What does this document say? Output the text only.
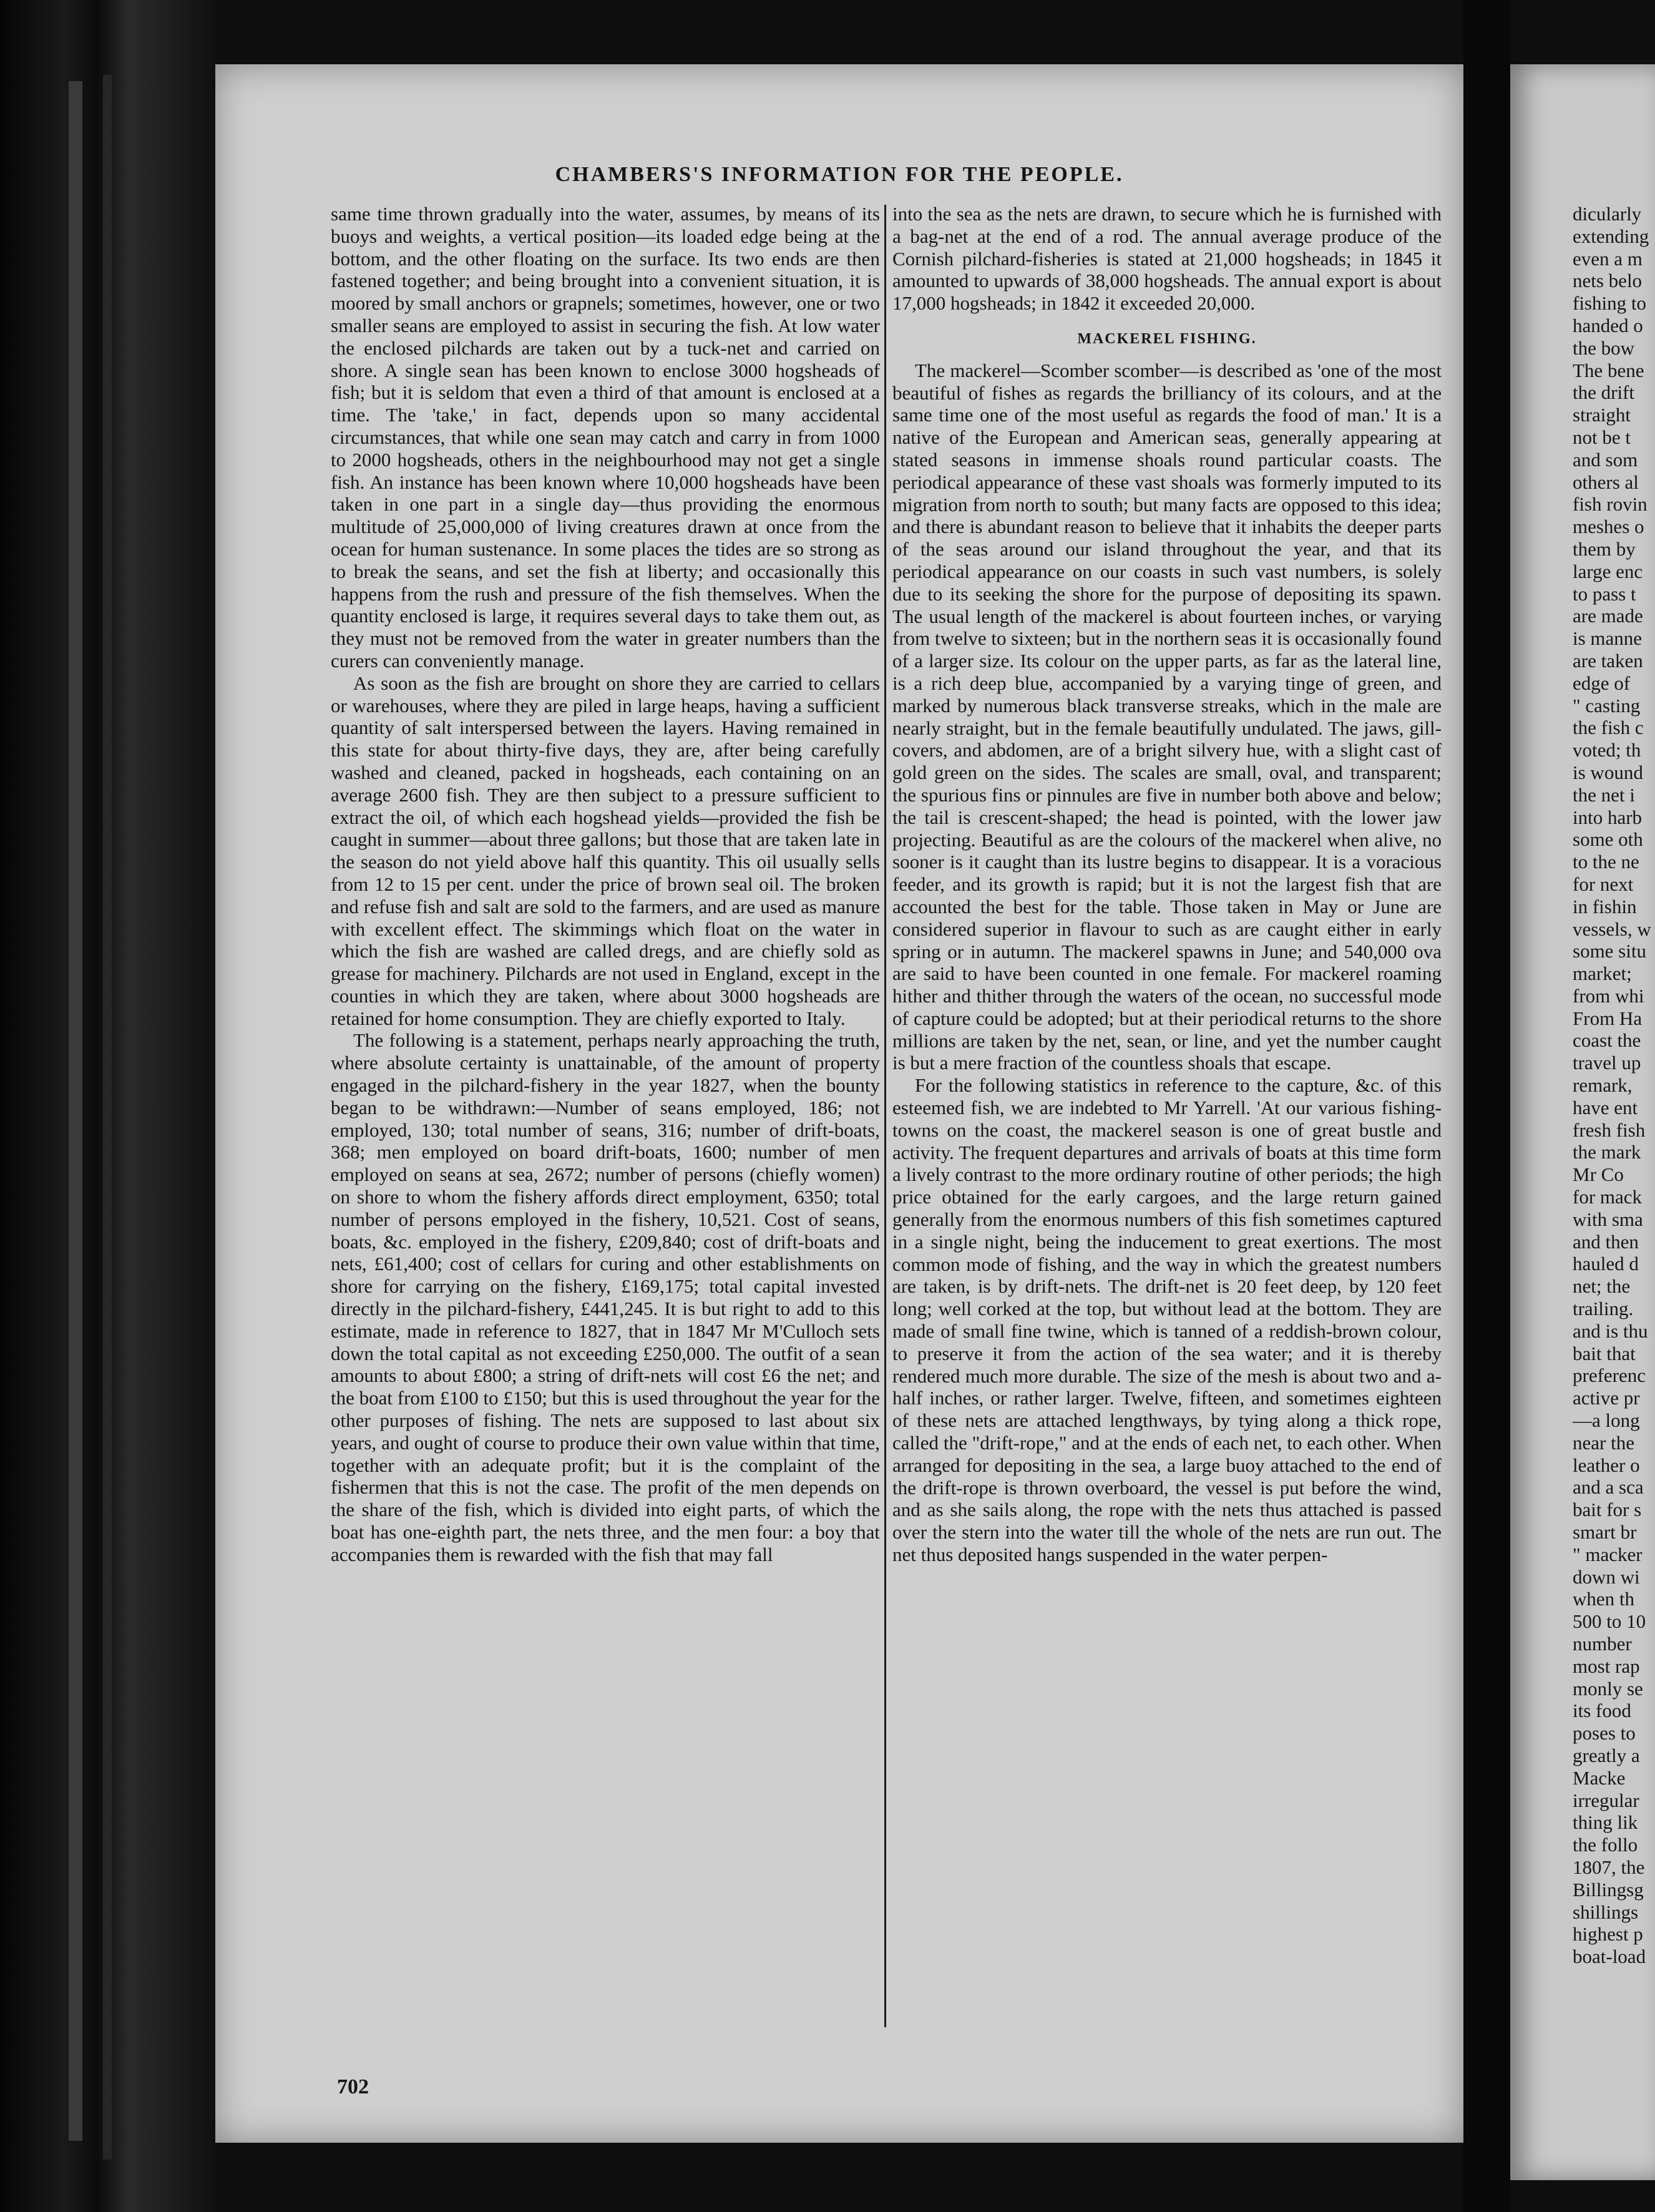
CHAMBERS'S INFORMATION FOR THE PEOPLE.

same time thrown gradually into the water, assumes, by means of its buoys and weights, a vertical position—its loaded edge being at the bottom, and the other floating on the surface. Its two ends are then fastened together; and being brought into a convenient situation, it is moored by small anchors or grapnels; sometimes, however, one or two smaller seans are employed to assist in securing the fish. At low water the enclosed pilchards are taken out by a tuck-net and carried on shore. A single sean has been known to enclose 3000 hogsheads of fish; but it is seldom that even a third of that amount is enclosed at a time. The 'take,' in fact, depends upon so many accidental circumstances, that while one sean may catch and carry in from 1000 to 2000 hogsheads, others in the neighbourhood may not get a single fish. An instance has been known where 10,000 hogsheads have been taken in one part in a single day—thus providing the enormous multitude of 25,000,000 of living creatures drawn at once from the ocean for human sustenance. In some places the tides are so strong as to break the seans, and set the fish at liberty; and occasionally this happens from the rush and pressure of the fish themselves. When the quantity enclosed is large, it requires several days to take them out, as they must not be removed from the water in greater numbers than the curers can conveniently manage.

As soon as the fish are brought on shore they are carried to cellars or warehouses, where they are piled in large heaps, having a sufficient quantity of salt interspersed between the layers. Having remained in this state for about thirty-five days, they are, after being carefully washed and cleaned, packed in hogsheads, each containing on an average 2600 fish. They are then subject to a pressure sufficient to extract the oil, of which each hogshead yields—provided the fish be caught in summer—about three gallons; but those that are taken late in the season do not yield above half this quantity. This oil usually sells from 12 to 15 per cent. under the price of brown seal oil. The broken and refuse fish and salt are sold to the farmers, and are used as manure with excellent effect. The skimmings which float on the water in which the fish are washed are called dregs, and are chiefly sold as grease for machinery. Pilchards are not used in England, except in the counties in which they are taken, where about 3000 hogsheads are retained for home consumption. They are chiefly exported to Italy.

The following is a statement, perhaps nearly approaching the truth, where absolute certainty is unattainable, of the amount of property engaged in the pilchard-fishery in the year 1827, when the bounty began to be withdrawn:—Number of seans employed, 186; not employed, 130; total number of seans, 316; number of drift-boats, 368; men employed on board drift-boats, 1600; number of men employed on seans at sea, 2672; number of persons (chiefly women) on shore to whom the fishery affords direct employment, 6350; total number of persons employed in the fishery, 10,521. Cost of seans, boats, &c. employed in the fishery, £209,840; cost of drift-boats and nets, £61,400; cost of cellars for curing and other establishments on shore for carrying on the fishery, £169,175; total capital invested directly in the pilchard-fishery, £441,245. It is but right to add to this estimate, made in reference to 1827, that in 1847 Mr M'Culloch sets down the total capital as not exceeding £250,000. The outfit of a sean amounts to about £800; a string of drift-nets will cost £6 the net; and the boat from £100 to £150; but this is used throughout the year for the other purposes of fishing. The nets are supposed to last about six years, and ought of course to produce their own value within that time, together with an adequate profit; but it is the complaint of the fishermen that this is not the case. The profit of the men depends on the share of the fish, which is divided into eight parts, of which the boat has one-eighth part, the nets three, and the men four: a boy that accompanies them is rewarded with the fish that may fall

into the sea as the nets are drawn, to secure which he is furnished with a bag-net at the end of a rod. The annual average produce of the Cornish pilchard-fisheries is stated at 21,000 hogsheads; in 1845 it amounted to upwards of 38,000 hogsheads. The annual export is about 17,000 hogsheads; in 1842 it exceeded 20,000.

MACKEREL FISHING.

The mackerel—Scomber scomber—is described as 'one of the most beautiful of fishes as regards the brilliancy of its colours, and at the same time one of the most useful as regards the food of man.' It is a native of the European and American seas, generally appearing at stated seasons in immense shoals round particular coasts. The periodical appearance of these vast shoals was formerly imputed to its migration from north to south; but many facts are opposed to this idea; and there is abundant reason to believe that it inhabits the deeper parts of the seas around our island throughout the year, and that its periodical appearance on our coasts in such vast numbers, is solely due to its seeking the shore for the purpose of depositing its spawn. The usual length of the mackerel is about fourteen inches, or varying from twelve to sixteen; but in the northern seas it is occasionally found of a larger size. Its colour on the upper parts, as far as the lateral line, is a rich deep blue, accompanied by a varying tinge of green, and marked by numerous black transverse streaks, which in the male are nearly straight, but in the female beautifully undulated. The jaws, gill-covers, and abdomen, are of a bright silvery hue, with a slight cast of gold green on the sides. The scales are small, oval, and transparent; the spurious fins or pinnules are five in number both above and below; the tail is crescent-shaped; the head is pointed, with the lower jaw projecting. Beautiful as are the colours of the mackerel when alive, no sooner is it caught than its lustre begins to disappear. It is a voracious feeder, and its growth is rapid; but it is not the largest fish that are accounted the best for the table. Those taken in May or June are considered superior in flavour to such as are caught either in early spring or in autumn. The mackerel spawns in June; and 540,000 ova are said to have been counted in one female. For mackerel roaming hither and thither through the waters of the ocean, no successful mode of capture could be adopted; but at their periodical returns to the shore millions are taken by the net, sean, or line, and yet the number caught is but a mere fraction of the countless shoals that escape.

For the following statistics in reference to the capture, &c. of this esteemed fish, we are indebted to Mr Yarrell. 'At our various fishing-towns on the coast, the mackerel season is one of great bustle and activity. The frequent departures and arrivals of boats at this time form a lively contrast to the more ordinary routine of other periods; the high price obtained for the early cargoes, and the large return gained generally from the enormous numbers of this fish sometimes captured in a single night, being the inducement to great exertions. The most common mode of fishing, and the way in which the greatest numbers are taken, is by drift-nets. The drift-net is 20 feet deep, by 120 feet long; well corked at the top, but without lead at the bottom. They are made of small fine twine, which is tanned of a reddish-brown colour, to preserve it from the action of the sea water; and it is thereby rendered much more durable. The size of the mesh is about two and a-half inches, or rather larger. Twelve, fifteen, and sometimes eighteen of these nets are attached lengthways, by tying along a thick rope, called the "drift-rope," and at the ends of each net, to each other. When arranged for depositing in the sea, a large buoy attached to the end of the drift-rope is thrown overboard, the vessel is put before the wind, and as she sails along, the rope with the nets thus attached is passed over the stern into the water till the whole of the nets are run out. The net thus deposited hangs suspended in the water perpen-

702
dicularly
extending
even a m
nets belo
fishing to
handed o
the bow
The bene
the drift
straight
not be t
and som
others al
fish rovin
meshes o
them by
large enc
to pass t
are made
is manne
are taken
edge of
" casting
the fish c
voted; th
is wound
the net i
into harb
some oth
to the ne
for next
in fishin
vessels, w
some situ
market;
from whi
From Ha
coast the
travel up
remark,
have ent
fresh fish
the mark
Mr Co
for mack
with sma
and then
hauled d
net; the
trailing.
and is thu
bait that
preferenc
active pr
—a long
near the
leather o
and a sca
bait for s
smart br
" macker
down wi
when th
500 to 10
number
most rap
monly se
its food
poses to
greatly a
Macke
irregular
thing lik
the follo
1807, the
Billingsg
shillings
highest p
boat-load
